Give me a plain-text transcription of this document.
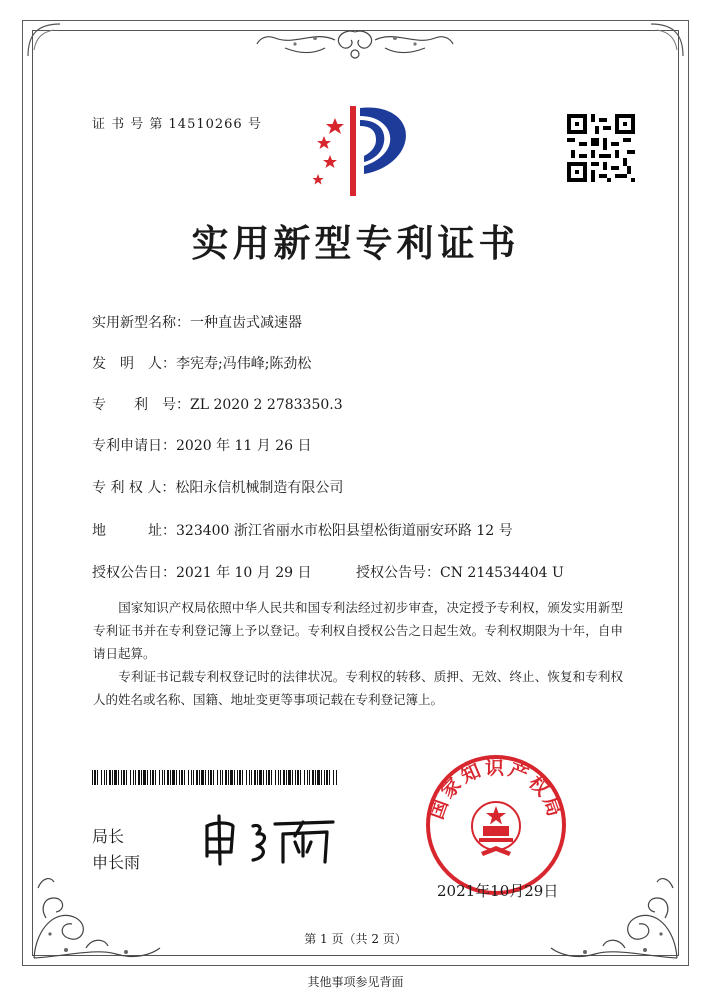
证 书 号 第 14510266 号
实用新型专利证书
实用新型名称：一种直齿式减速器
发　明　人：李宪寿;冯伟峰;陈劲松
专　　利　号：ZL 2020 2 2783350.3
专利申请日：2020 年 11 月 26 日
专 利 权 人：松阳永信机械制造有限公司
地　　　址：323400 浙江省丽水市松阳县望松街道丽安环路 12 号
授权公告日：2021 年 10 月 29 日	授权公告号：CN 214534404 U
　　国家知识产权局依照中华人民共和国专利法经过初步审查，决定授予专利权，颁发实用新型专利证书并在专利登记簿上予以登记。专利权自授权公告之日起生效。专利权期限为十年，自申请日起算。
　　专利证书记载专利权登记时的法律状况。专利权的转移、质押、无效、终止、恢复和专利权人的姓名或名称、国籍、地址变更等事项记载在专利登记簿上。
局长
申长雨
国家知识产权局
2021年10月29日
第 1 页（共 2 页）
其他事项参见背面
